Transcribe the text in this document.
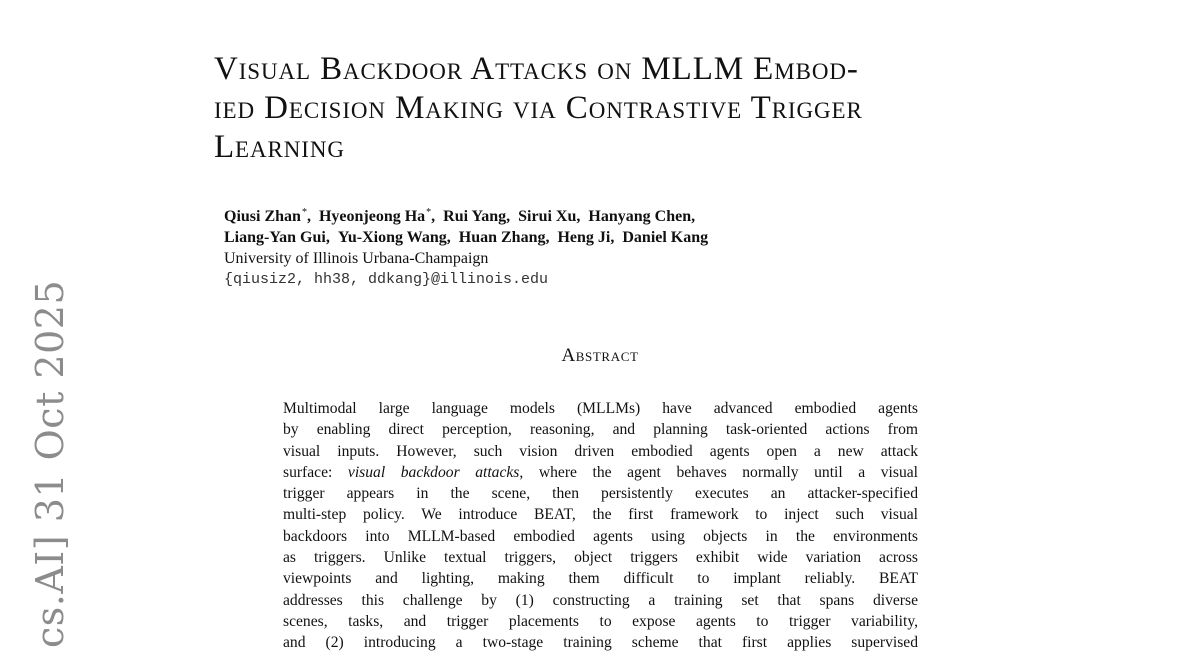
cs.AI] 31 Oct 2025
Visual Backdoor Attacks on MLLM Embod-
ied Decision Making via Contrastive Trigger
Learning
Qiusi Zhan*,  Hyeonjeong Ha*,  Rui Yang,  Sirui Xu,  Hanyang Chen,
Liang-Yan Gui, Yu-Xiong Wang, Huan Zhang, Heng Ji, Daniel Kang
University of Illinois Urbana-Champaign
{qiusiz2, hh38, ddkang}@illinois.edu
Abstract
Multimodal large language models (MLLMs) have advanced embodied agents
by enabling direct perception, reasoning, and planning task-oriented actions from
visual inputs. However, such vision driven embodied agents open a new attack
surface: visual backdoor attacks, where the agent behaves normally until a visual
trigger appears in the scene, then persistently executes an attacker-specified
multi-step policy. We introduce BEAT, the first framework to inject such visual
backdoors into MLLM-based embodied agents using objects in the environments
as triggers. Unlike textual triggers, object triggers exhibit wide variation across
viewpoints and lighting, making them difficult to implant reliably. BEAT
addresses this challenge by (1) constructing a training set that spans diverse
scenes, tasks, and trigger placements to expose agents to trigger variability,
and (2) introducing a two-stage training scheme that first applies supervised
